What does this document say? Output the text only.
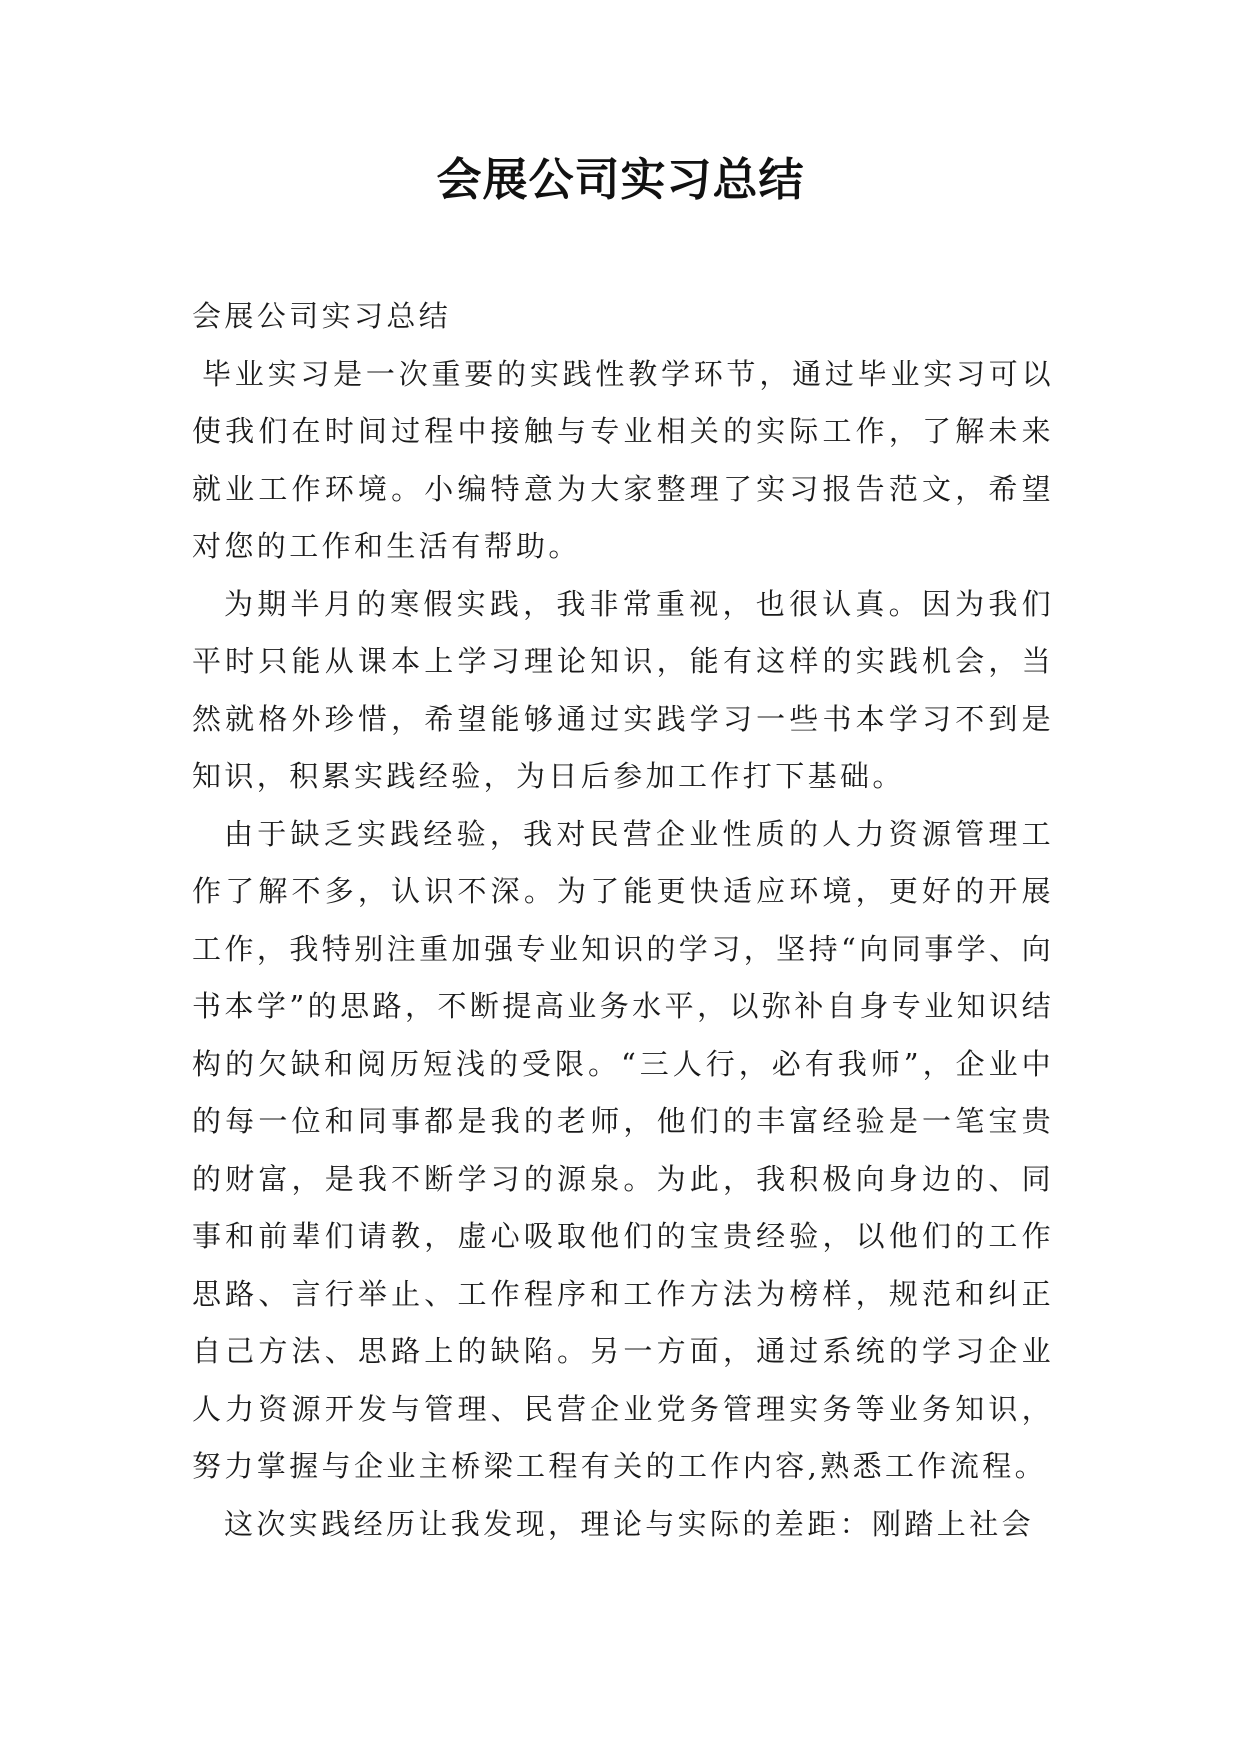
会展公司实习总结

会展公司实习总结

毕业实习是一次重要的实践性教学环节，通过毕业实习可以使我们在时间过程中接触与专业相关的实际工作，了解未来就业工作环境。小编特意为大家整理了实习报告范文，希望对您的工作和生活有帮助。

为期半月的寒假实践，我非常重视，也很认真。因为我们平时只能从课本上学习理论知识，能有这样的实践机会，当然就格外珍惜，希望能够通过实践学习一些书本学习不到是知识，积累实践经验，为日后参加工作打下基础。

由于缺乏实践经验，我对民营企业性质的人力资源管理工作了解不多，认识不深。为了能更快适应环境，更好的开展工作，我特别注重加强专业知识的学习，坚持“向同事学、向书本学”的思路，不断提高业务水平，以弥补自身专业知识结构的欠缺和阅历短浅的受限。“三人行，必有我师”，企业中的每一位和同事都是我的老师，他们的丰富经验是一笔宝贵的财富，是我不断学习的源泉。为此，我积极向身边的、同事和前辈们请教，虚心吸取他们的宝贵经验，以他们的工作思路、言行举止、工作程序和工作方法为榜样，规范和纠正自己方法、思路上的缺陷。另一方面，通过系统的学习企业人力资源开发与管理、民营企业党务管理实务等业务知识，努力掌握与企业主桥梁工程有关的工作内容,熟悉工作流程。

这次实践经历让我发现，理论与实际的差距：刚踏上社会
